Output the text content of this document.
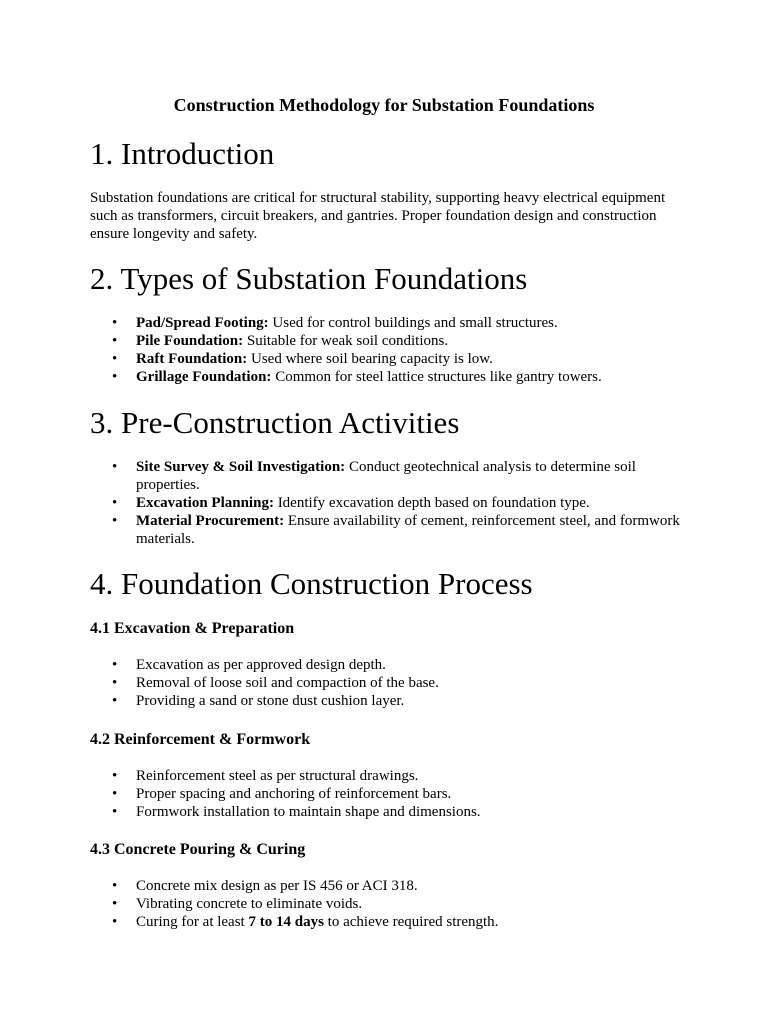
Construction Methodology for Substation Foundations
1. Introduction

Substation foundations are critical for structural stability, supporting heavy electrical equipment such as transformers, circuit breakers, and gantries. Proper foundation design and construction ensure longevity and safety.

2. Types of Substation Foundations
• Pad/Spread Footing: Used for control buildings and small structures.
• Pile Foundation: Suitable for weak soil conditions.
• Raft Foundation: Used where soil bearing capacity is low.
• Grillage Foundation: Common for steel lattice structures like gantry towers.
3. Pre-Construction Activities
• Site Survey & Soil Investigation: Conduct geotechnical analysis to determine soil properties.
• Excavation Planning: Identify excavation depth based on foundation type.
• Material Procurement: Ensure availability of cement, reinforcement steel, and formwork materials.
4. Foundation Construction Process
4.1 Excavation & Preparation
• Excavation as per approved design depth.
• Removal of loose soil and compaction of the base.
• Providing a sand or stone dust cushion layer.
4.2 Reinforcement & Formwork
• Reinforcement steel as per structural drawings.
• Proper spacing and anchoring of reinforcement bars.
• Formwork installation to maintain shape and dimensions.
4.3 Concrete Pouring & Curing
• Concrete mix design as per IS 456 or ACI 318.
• Vibrating concrete to eliminate voids.
• Curing for at least 7 to 14 days to achieve required strength.
